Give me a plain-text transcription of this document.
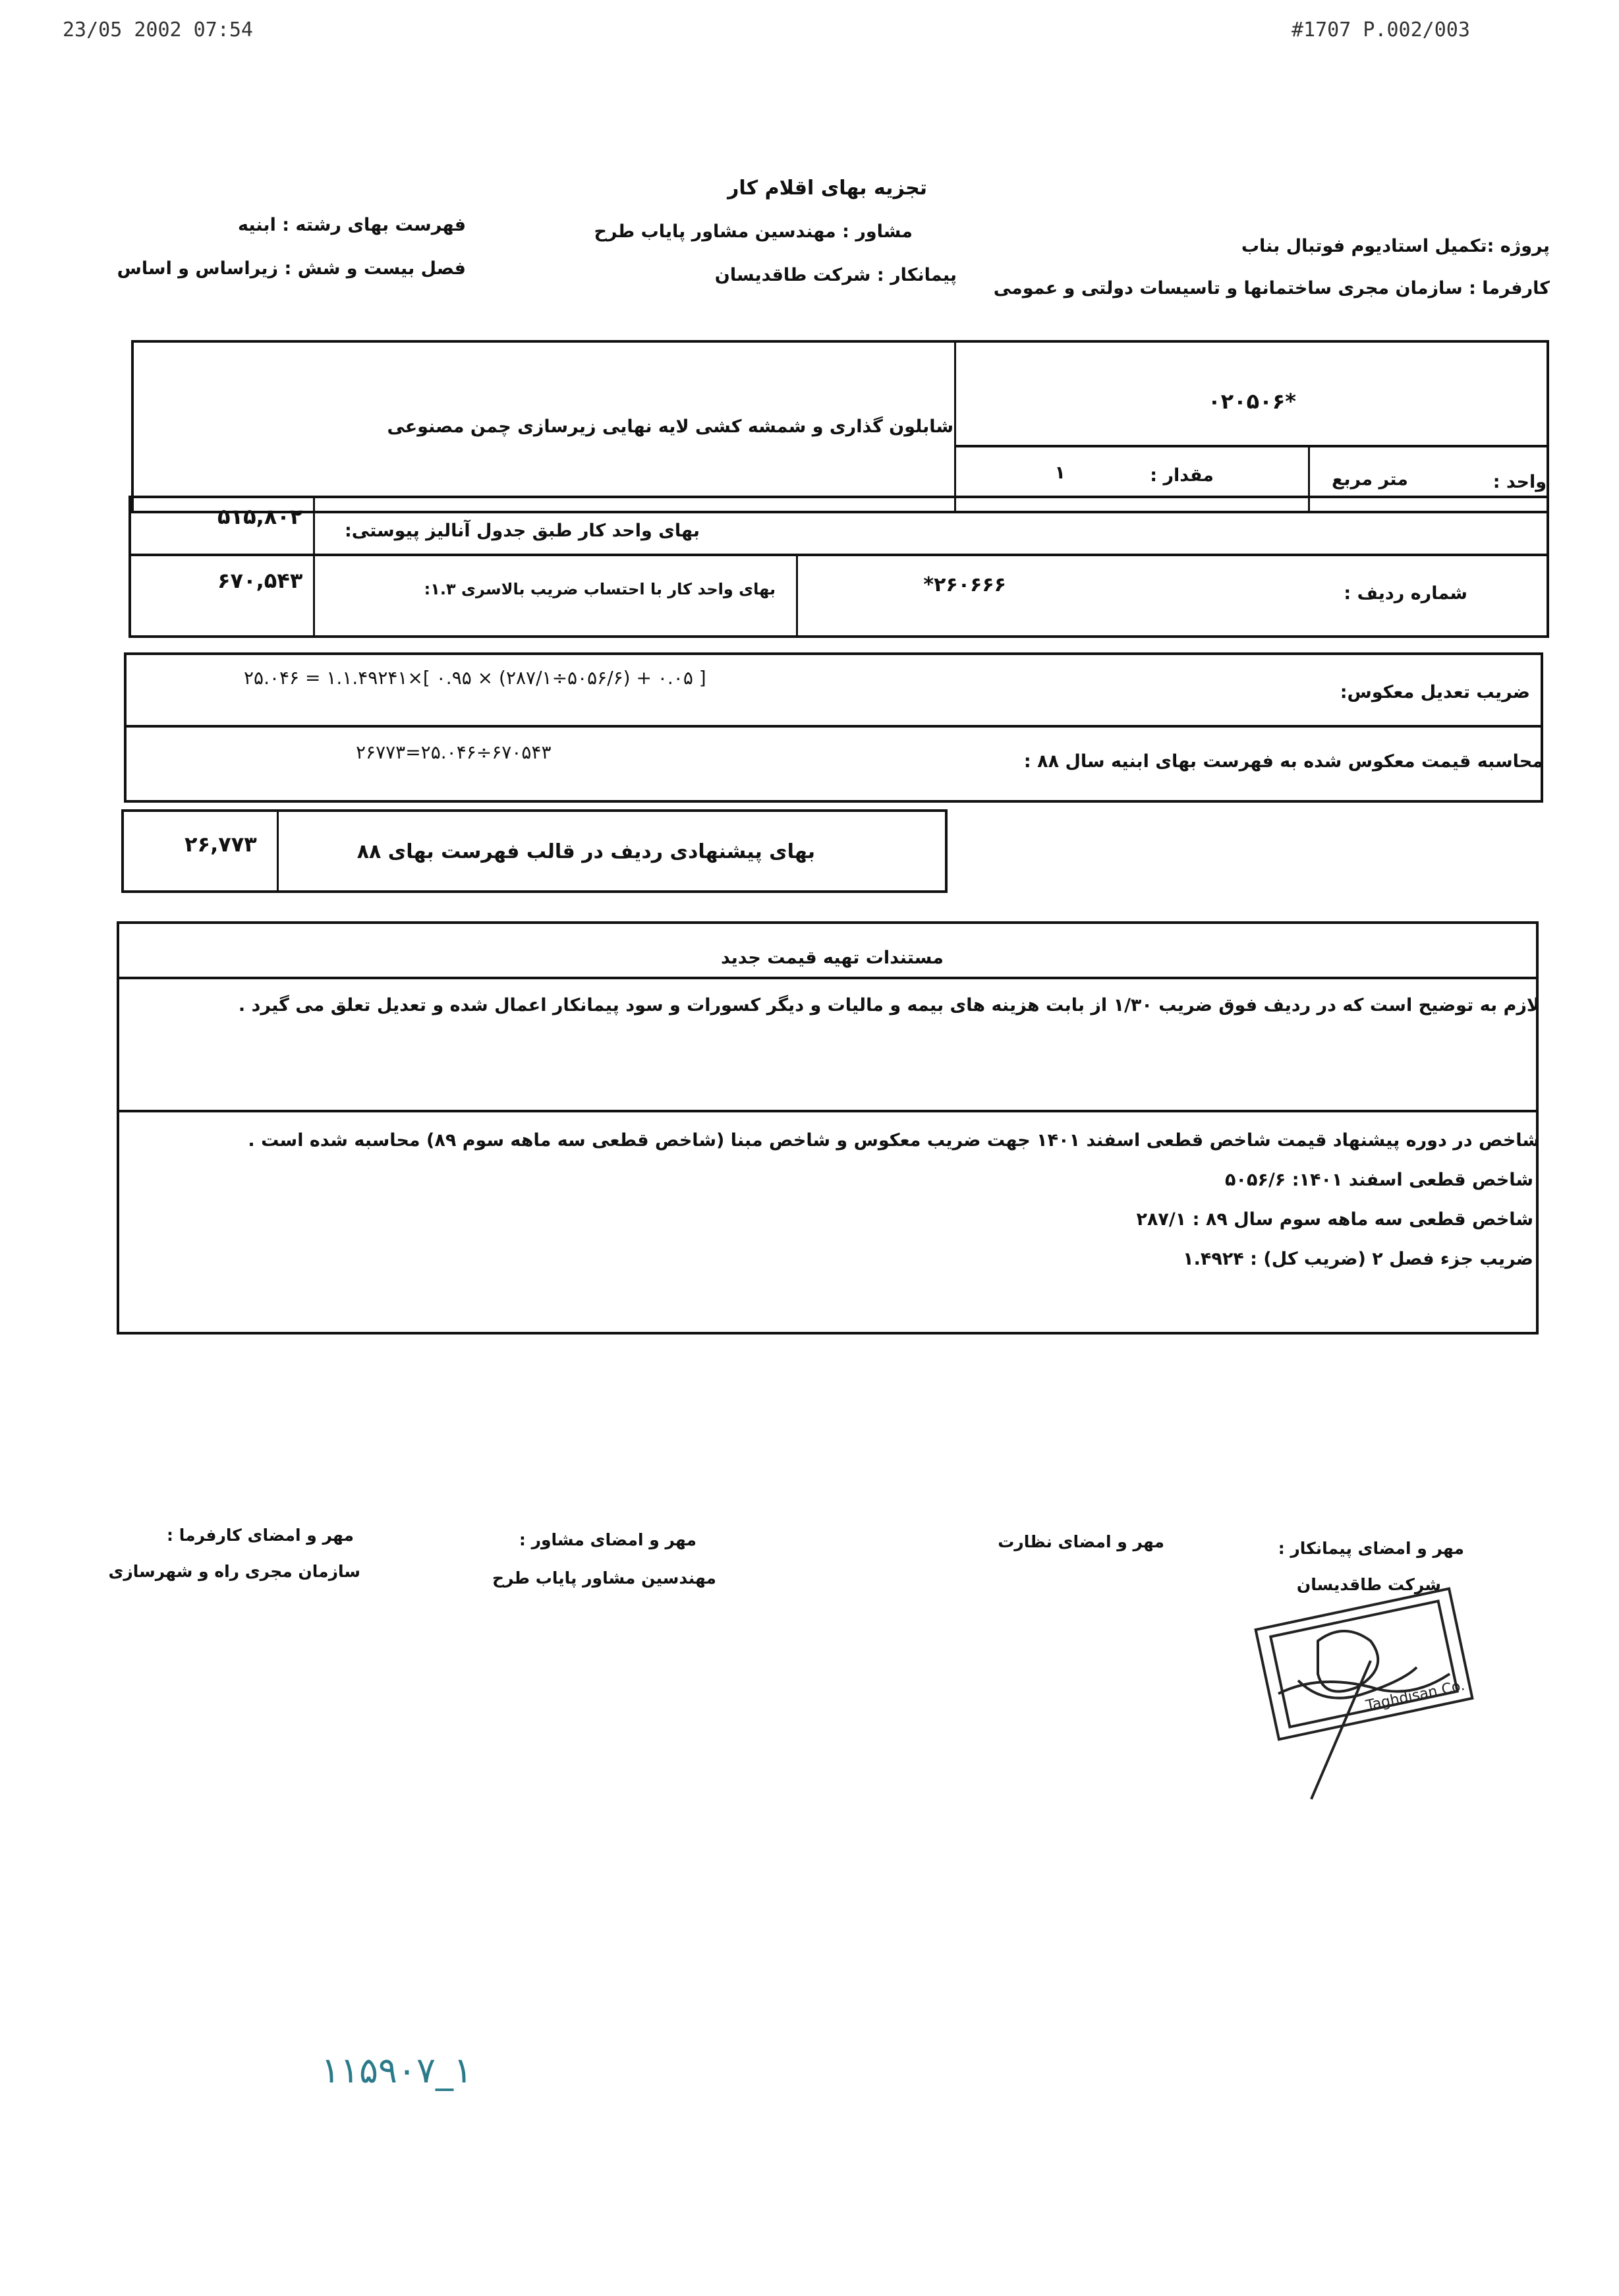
23/05 2002 07:54	#1707 P.002/003
تجزیه بهای اقلام کار
پروژه :تکمیل استادیوم فوتبال بناب
کارفرما : سازمان مجری ساختمانها و تاسیسات دولتی و عمومی
مشاور : مهندسین مشاور پایاب طرح
پیمانکار : شرکت طاقدیسان
فهرست بهای رشته : ابنیه
فصل بیست و شش : زیراساس و اساس
*۰۲۰۵۰۶
شابلون گذاری و شمشه کشی لایه نهایی زیرسازی چمن مصنوعی
واحد :
متر مربع
مقدار :
۱
۵۱۵,۸۰۲
بهای واحد کار طبق جدول آنالیز پیوستی:
۶۷۰,۵۴۳	بهای واحد کار با احتساب ضریب بالاسری ۱.۳:	۲۶۰۶۶۶*	شماره ردیف :
ضریب تعدیل معکوس:
[ ۰.۰۵ + (۵۰۵۶/۶÷۲۸۷/۱) × ۰.۹۵ ]×۱.۱.۴۹۲۴۱ = ۲۵.۰۴۶
محاسبه قیمت معکوس شده به فهرست بهای ابنیه سال ۸۸ :
۶۷۰۵۴۳÷۲۵.۰۴۶=۲۶۷۷۳
۲۶,۷۷۳	بهای پیشنهادی ردیف در قالب فهرست بهای ۸۸
مستندات تهیه قیمت جدید
لازم به توضیح است که در ردیف فوق ضریب ۱/۳۰ از بابت هزینه های بیمه و مالیات و دیگر کسورات و سود پیمانکار اعمال شده و تعدیل تعلق می گیرد .
شاخص در دوره پیشنهاد قیمت شاخص قطعی اسفند ۱۴۰۱ جهت ضریب معکوس و شاخص مبنا (شاخص قطعی سه ماهه سوم ۸۹) محاسبه شده است .
شاخص قطعی اسفند ۱۴۰۱: ۵۰۵۶/۶
شاخص قطعی سه ماهه سوم سال ۸۹ : ۲۸۷/۱
ضریب جزء فصل ۲ (ضریب کل) : ۱.۴۹۲۴
مهر و امضای پیمانکار :
شرکت طاقدیسان
مهر و امضای نظارت
مهر و امضای مشاور :
مهندسین مشاور پایاب طرح
مهر و امضای کارفرما :
سازمان مجری راه و شهرسازی
Taghdisan Co.
۱۱۵۹۰۷_۱
